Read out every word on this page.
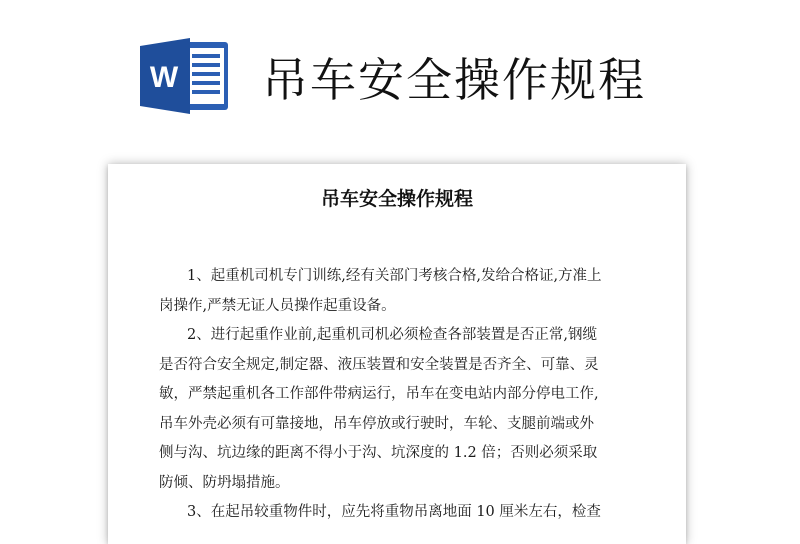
W 吊车安全操作规程
吊车安全操作规程

1、起重机司机专门训练,经有关部门考核合格,发给合格证,方准上
岗操作,严禁无证人员操作起重设备。

2、进行起重作业前,起重机司机必须检查各部装置是否正常,钢缆
是否符合安全规定,制定器、液压装置和安全装置是否齐全、可靠、灵
敏，严禁起重机各工作部件带病运行，吊车在变电站内部分停电工作,
吊车外壳必须有可靠接地，吊车停放或行驶时，车轮、支腿前端或外
侧与沟、坑边缘的距离不得小于沟、坑深度的 1.2 倍；否则必须采取
防倾、防坍塌措施。

3、在起吊较重物件时，应先将重物吊离地面 10 厘米左右，检查
